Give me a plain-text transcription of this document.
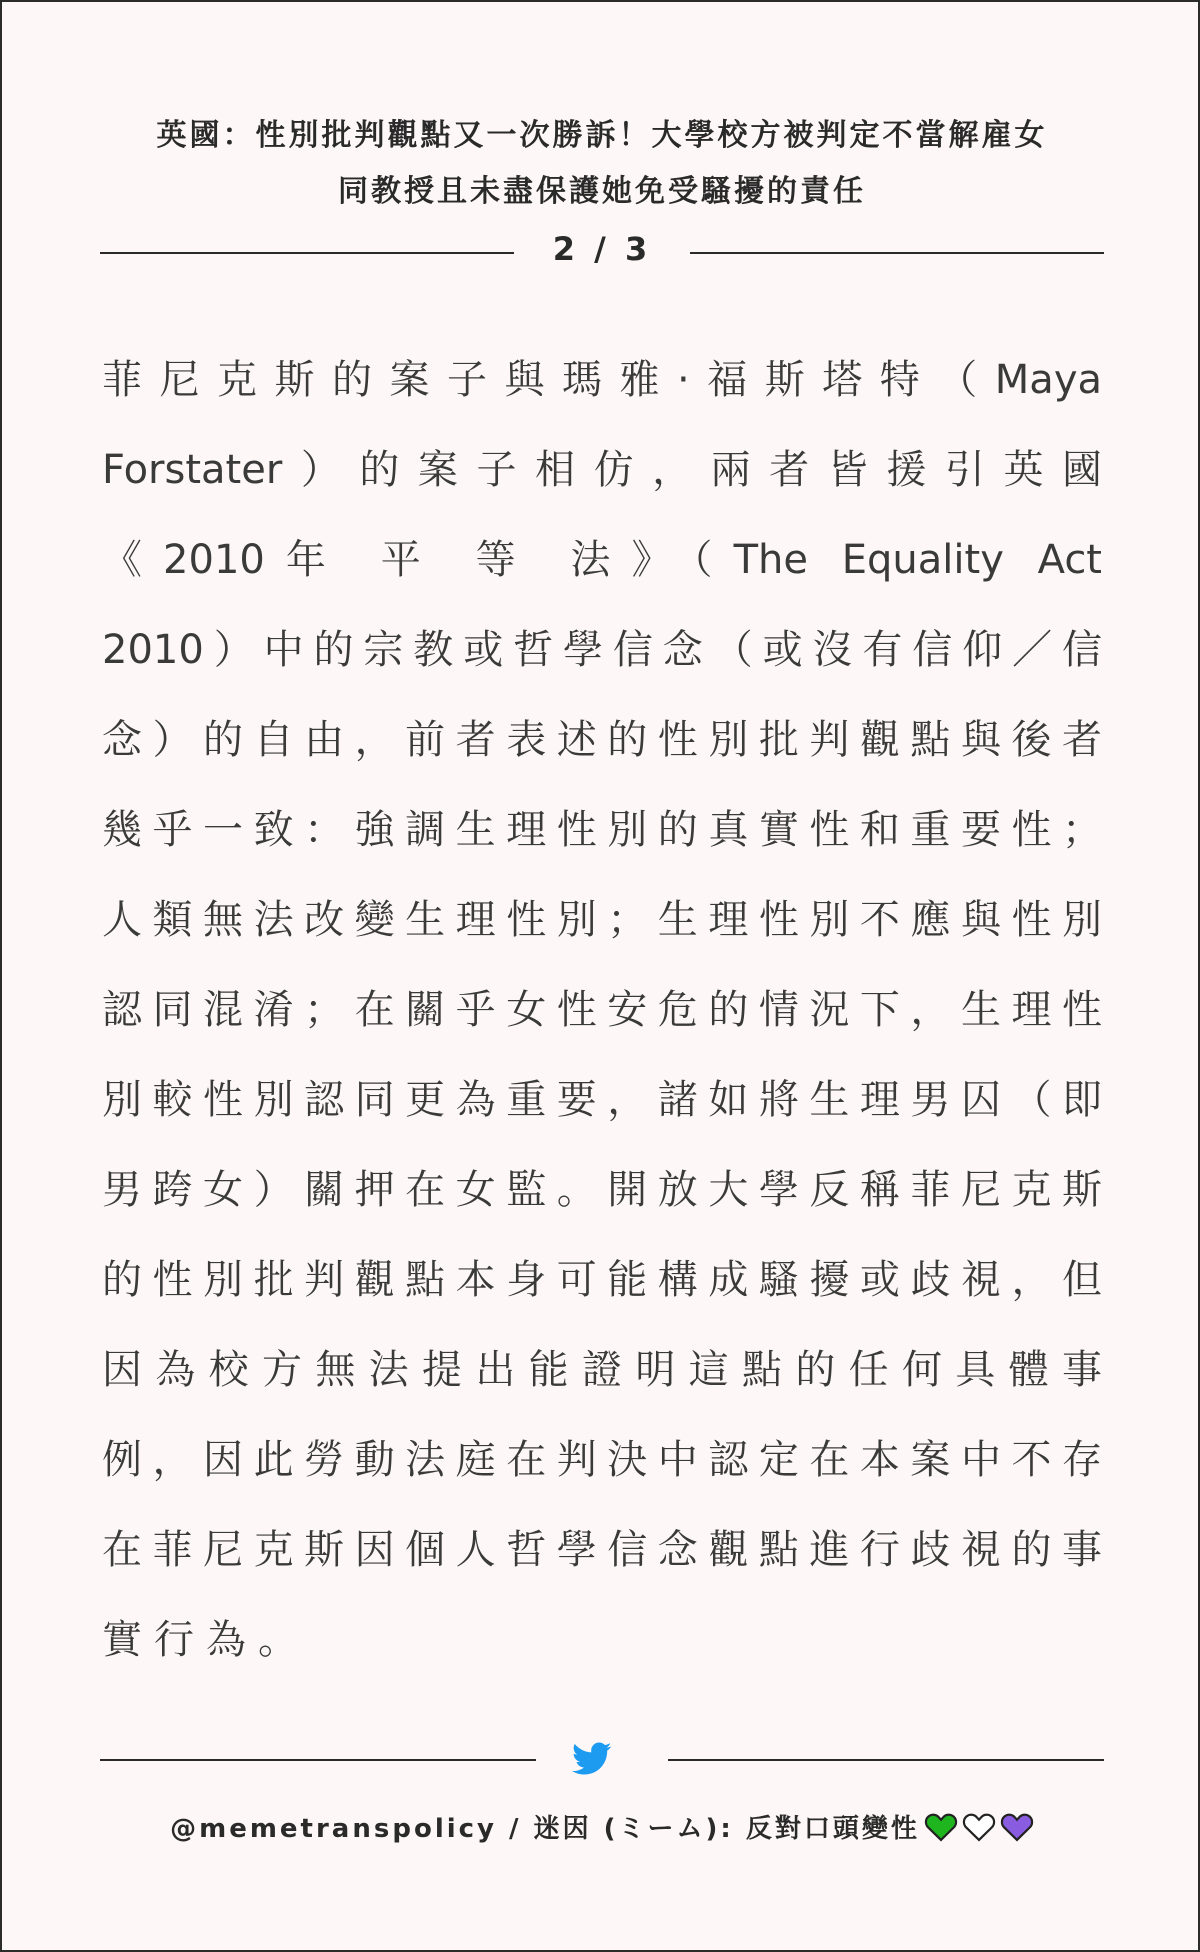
英國：性別批判觀點又一次勝訴！大學校方被判定不當解雇女
同教授且未盡保護她免受騷擾的責任
2 / 3
菲尼克斯的案子與瑪雅·福斯塔特（Maya
Forstater）的案子相仿，兩者皆援引英國
《2010年 平 等 法》（The Equality Act
2010）中的宗教或哲學信念（或沒有信仰／信
念）的自由，前者表述的性別批判觀點與後者
幾乎一致：強調生理性別的真實性和重要性；
人類無法改變生理性別；生理性別不應與性別
認同混淆；在關乎女性安危的情況下，生理性
別較性別認同更為重要，諸如將生理男囚（即
男跨女）關押在女監。開放大學反稱菲尼克斯
的性別批判觀點本身可能構成騷擾或歧視，但
因為校方無法提出能證明這點的任何具體事
例，因此勞動法庭在判決中認定在本案中不存
在菲尼克斯因個人哲學信念觀點進行歧視的事
實行為。
@memetranspolicy / 迷因 (ミーム): 反對口頭變性
